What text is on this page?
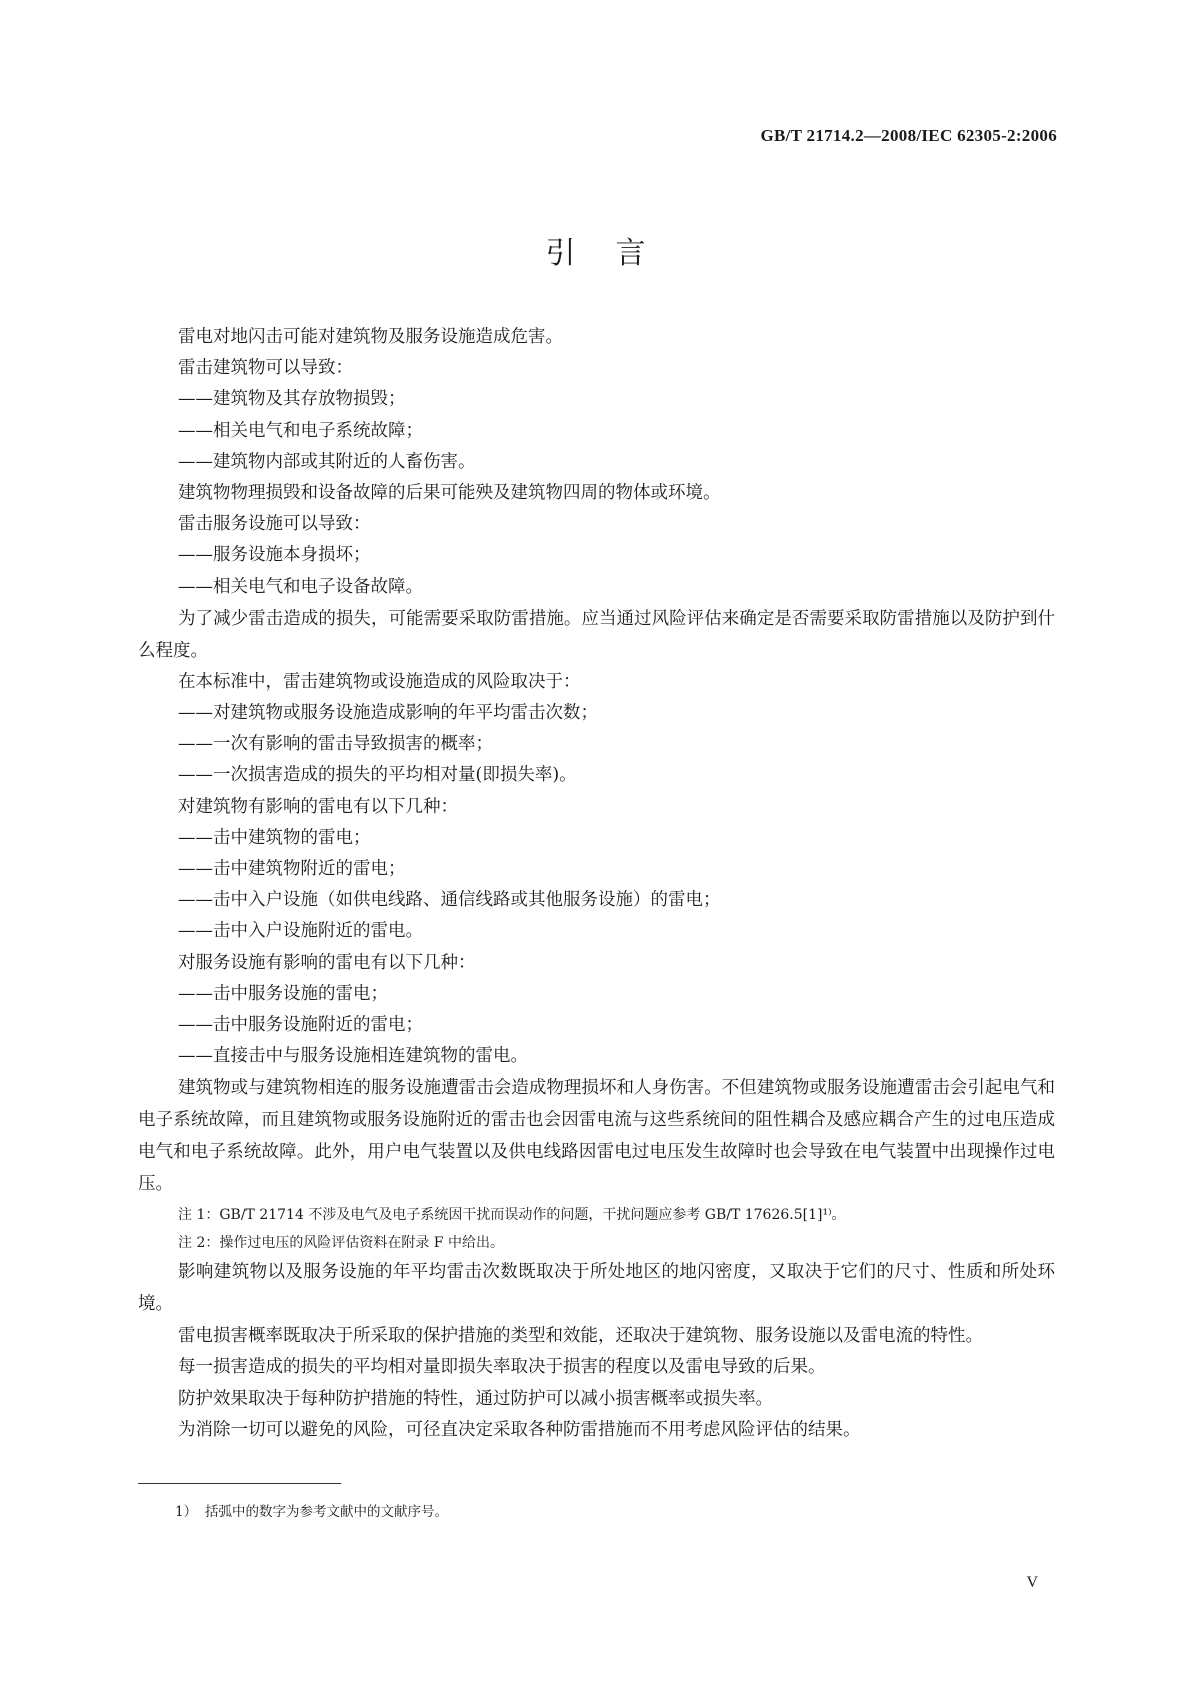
GB/T 21714.2—2008/IEC 62305-2:2006
引言
雷电对地闪击可能对建筑物及服务设施造成危害。
雷击建筑物可以导致：
——建筑物及其存放物损毁；
——相关电气和电子系统故障；
——建筑物内部或其附近的人畜伤害。
建筑物物理损毁和设备故障的后果可能殃及建筑物四周的物体或环境。
雷击服务设施可以导致：
——服务设施本身损坏；
——相关电气和电子设备故障。
为了减少雷击造成的损失，可能需要采取防雷措施。应当通过风险评估来确定是否需要采取防雷措施以及防护到什么程度。
在本标准中，雷击建筑物或设施造成的风险取决于：
——对建筑物或服务设施造成影响的年平均雷击次数；
——一次有影响的雷击导致损害的概率；
——一次损害造成的损失的平均相对量(即损失率)。
对建筑物有影响的雷电有以下几种：
——击中建筑物的雷电；
——击中建筑物附近的雷电；
——击中入户设施（如供电线路、通信线路或其他服务设施）的雷电；
——击中入户设施附近的雷电。
对服务设施有影响的雷电有以下几种：
——击中服务设施的雷电；
——击中服务设施附近的雷电；
——直接击中与服务设施相连建筑物的雷电。
建筑物或与建筑物相连的服务设施遭雷击会造成物理损坏和人身伤害。不但建筑物或服务设施遭雷击会引起电气和电子系统故障，而且建筑物或服务设施附近的雷击也会因雷电流与这些系统间的阻性耦合及感应耦合产生的过电压造成电气和电子系统故障。此外，用户电气装置以及供电线路因雷电过电压发生故障时也会导致在电气装置中出现操作过电压。
注 1：GB/T 21714 不涉及电气及电子系统因干扰而误动作的问题，干扰问题应参考 GB/T 17626.5[1]¹⁾。
注 2：操作过电压的风险评估资料在附录 F 中给出。
影响建筑物以及服务设施的年平均雷击次数既取决于所处地区的地闪密度，又取决于它们的尺寸、性质和所处环境。
雷电损害概率既取决于所采取的保护措施的类型和效能，还取决于建筑物、服务设施以及雷电流的特性。
每一损害造成的损失的平均相对量即损失率取决于损害的程度以及雷电导致的后果。
防护效果取决于每种防护措施的特性，通过防护可以减小损害概率或损失率。
为消除一切可以避免的风险，可径直决定采取各种防雷措施而不用考虑风险评估的结果。
1） 括弧中的数字为参考文献中的文献序号。
V
